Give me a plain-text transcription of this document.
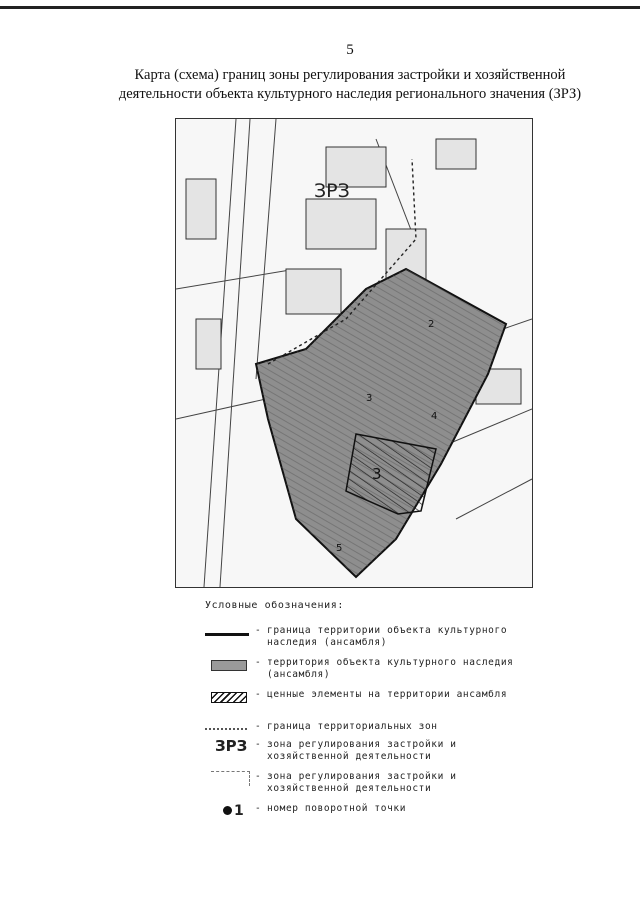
5
Карта (схема) границ зоны регулирования застройки и хозяйственной
деятельности объекта культурного наследия регионального значения (ЗРЗ)
ЗРЗ
3
2
3
4
5
Условные обозначения:
- граница территории объекта культурного наследия (ансамбля)
- территория объекта культурного наследия (ансамбля)
- ценные элементы на территории ансамбля
- граница территориальных зон
ЗРЗ - зона регулирования застройки и хозяйственной деятельности
- зона регулирования застройки и хозяйственной деятельности
1	- номер поворотной точки
